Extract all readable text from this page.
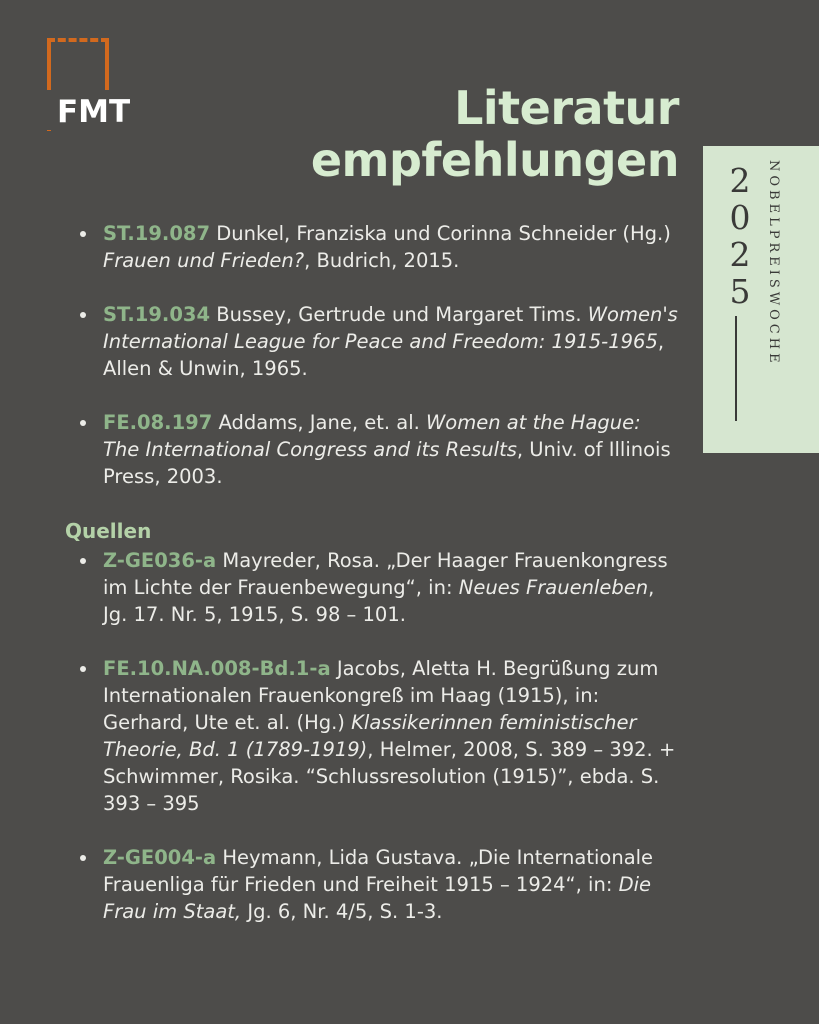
FMT	Literatur
empfehlungen 2
0
2
5	NOBELPREISWOCHE
ST.19.087 Dunkel, Franziska und Corinna Schneider (Hg.) Frauen und Frieden?, Budrich, 2015.
ST.19.034 Bussey, Gertrude und Margaret Tims. Women's International League for Peace and Freedom: 1915-1965, Allen & Unwin, 1965.
FE.08.197 Addams, Jane, et. al. Women at the Hague: The International Congress and its Results, Univ. of Illinois Press, 2003.
Quellen
Z-GE036-a Mayreder, Rosa. „Der Haager Frauenkongress im Lichte der Frauenbewegung“, in: Neues Frauenleben, Jg. 17. Nr. 5, 1915, S. 98 – 101.
FE.10.NA.008-Bd.1-a Jacobs, Aletta H. Begrüßung zum Internationalen Frauenkongreß im Haag (1915), in: Gerhard, Ute et. al. (Hg.) Klassikerinnen feministischer Theorie, Bd. 1 (1789-1919), Helmer, 2008, S. 389 – 392. + Schwimmer, Rosika. “Schlussresolution (1915)”, ebda. S. 393 – 395
Z-GE004-a Heymann, Lida Gustava. „Die Internationale Frauenliga für Frieden und Freiheit 1915 – 1924“, in: Die Frau im Staat, Jg. 6, Nr. 4/5, S. 1-3.
